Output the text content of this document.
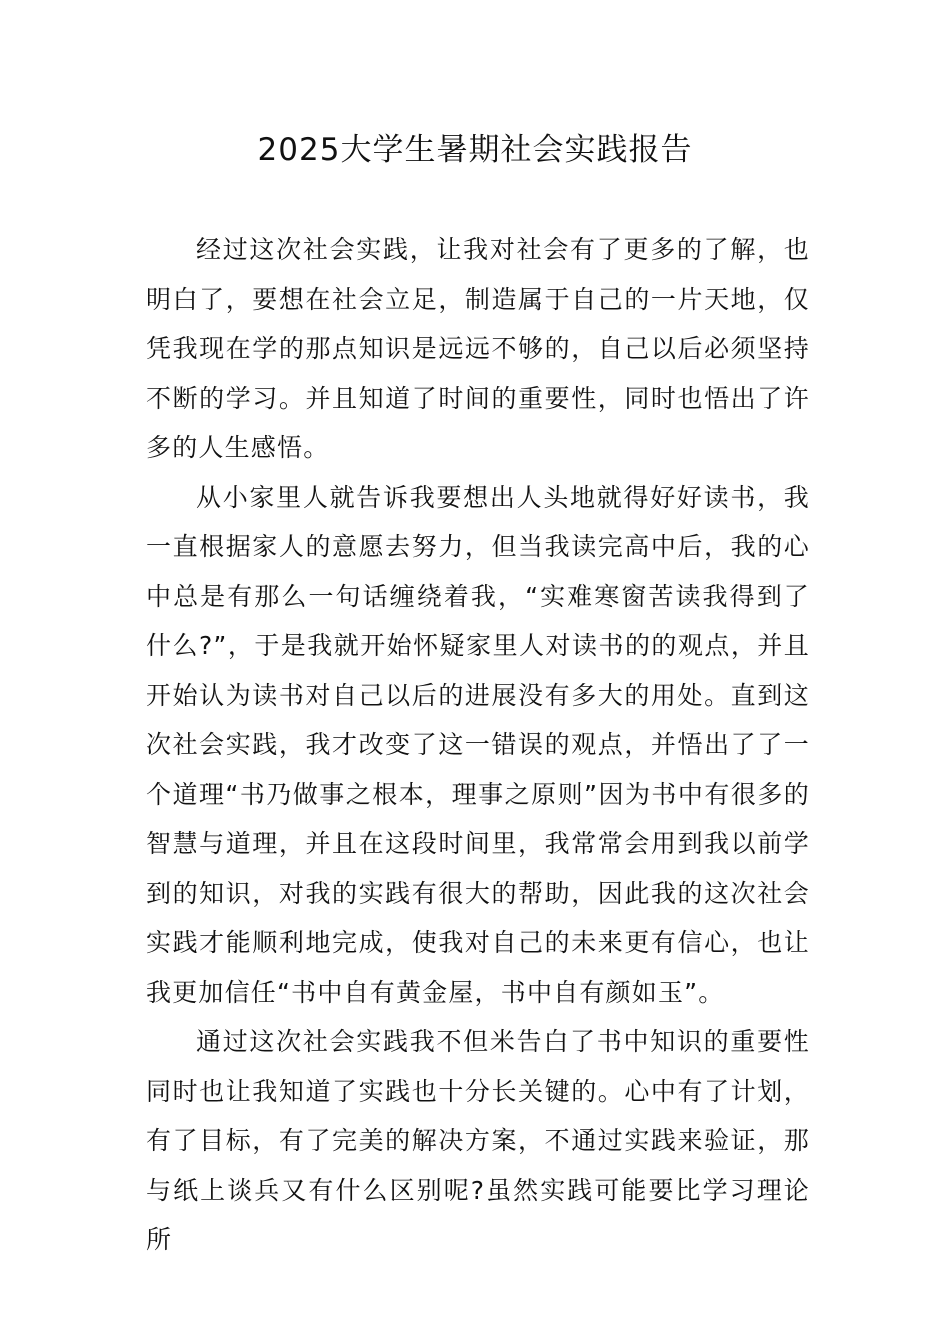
2025大学生暑期社会实践报告

经过这次社会实践，让我对社会有了更多的了解，也明白了，要想在社会立足，制造属于自己的一片天地，仅凭我现在学的那点知识是远远不够的，自己以后必须坚持不断的学习。并且知道了时间的重要性，同时也悟出了许多的人生感悟。

从小家里人就告诉我要想出人头地就得好好读书，我一直根据家人的意愿去努力，但当我读完高中后，我的心中总是有那么一句话缠绕着我，“实难寒窗苦读我得到了什么?”，于是我就开始怀疑家里人对读书的的观点，并且开始认为读书对自己以后的进展没有多大的用处。直到这次社会实践，我才改变了这一错误的观点，并悟出了了一个道理“书乃做事之根本，理事之原则”因为书中有很多的智慧与道理，并且在这段时间里，我常常会用到我以前学到的知识，对我的实践有很大的帮助，因此我的这次社会实践才能顺利地完成，使我对自己的未来更有信心，也让我更加信任“书中自有黄金屋，书中自有颜如玉”。

通过这次社会实践我不但米告白了书中知识的重要性同时也让我知道了实践也十分长关键的。心中有了计划，有了目标，有了完美的解决方案，不通过实践来验证，那与纸上谈兵又有什么区别呢?虽然实践可能要比学习理论所
